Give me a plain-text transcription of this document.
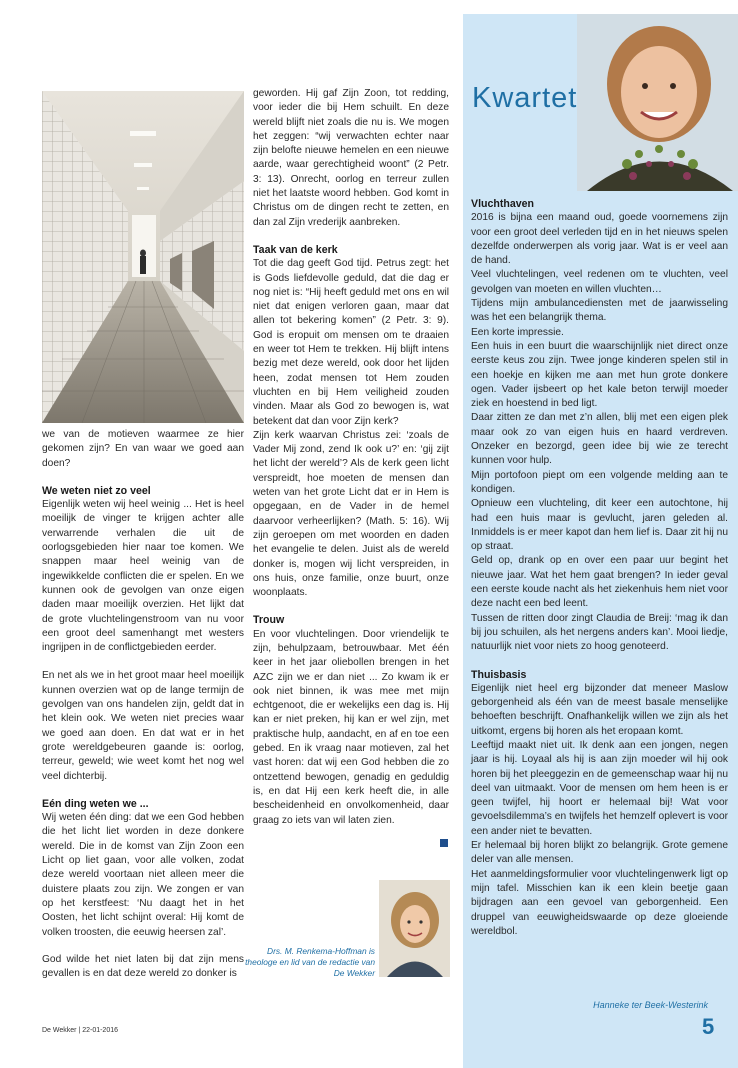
we van de motieven waarmee ze hier gekomen zijn? En van waar we goed aan doen?

We weten niet zo veel

Eigenlijk weten wij heel weinig ... Het is heel moeilijk de vinger te krijgen achter alle verwarrende verhalen die uit de oorlogsgebieden hier naar toe komen. We snappen maar heel weinig van de ingewikkelde conflicten die er spelen. En we kunnen ook de gevolgen van onze eigen daden maar moeilijk overzien. Het lijkt dat de grote vluchtelingenstroom van nu voor een groot deel samenhangt met westers ingrijpen in de conflictgebieden eerder.

En net als we in het groot maar heel moeilijk kunnen overzien wat op de lange termijn de gevolgen van ons handelen zijn, geldt dat in het klein ook. We weten niet precies waar we goed aan doen. En dat wat er in het grote wereldgebeuren gaande is: oorlog, terreur, geweld; wie weet komt het nog wel veel dichterbij.

Eén ding weten we ...

Wij weten één ding: dat we een God hebben die het licht liet worden in deze donkere wereld. Die in de komst van Zijn Zoon een Licht op liet gaan, voor alle volken, zodat deze wereld voortaan niet alleen meer die duistere plaats zou zijn. We zongen er van op het kerstfeest: ‘Nu daagt het in het Oosten, het licht schijnt overal: Hij komt de volken troosten, die eeuwig heersen zal’.

God wilde het niet laten bij dat zijn mens gevallen is en dat deze wereld zo donker is

geworden. Hij gaf Zijn Zoon, tot redding, voor ieder die bij Hem schuilt. En deze wereld blijft niet zoals die nu is. We mogen het zeggen: “wij verwachten echter naar zijn belofte nieuwe hemelen en een nieuwe aarde, waar gerechtigheid woont” (2 Petr. 3: 13). Onrecht, oorlog en terreur zullen niet het laatste woord hebben. God komt in Christus om de dingen recht te zetten, en dan zal Zijn vrederijk aanbreken.

Taak van de kerk

Tot die dag geeft God tijd. Petrus zegt: het is Gods liefdevolle geduld, dat die dag er nog niet is: “Hij heeft geduld met ons en wil niet dat enigen verloren gaan, maar dat allen tot bekering komen” (2 Petr. 3: 9). God is eropuit om mensen om te draaien en weer tot Hem te trekken. Hij blijft intens bezig met deze wereld, ook door het lijden heen, zodat mensen tot Hem zouden vluchten en bij Hem veiligheid zouden vinden. Maar als God zo bewogen is, wat betekent dat dan voor Zijn kerk?

Zijn kerk waarvan Christus zei: ‘zoals de Vader Mij zond, zend Ik ook u?’ en: ‘gij zijt het licht der wereld’? Als de kerk geen licht verspreidt, hoe moeten de mensen dan weten van het grote Licht dat er in Hem is opgegaan, en de Vader in de hemel daarvoor verheerlijken? (Math. 5: 16). Wij zijn geroepen om met woorden en daden het evangelie te delen. Juist als de wereld donker is, mogen wij licht verspreiden, in ons huis, onze familie, onze buurt, onze woonplaats.

Trouw

En voor vluchtelingen. Door vriendelijk te zijn, behulpzaam, betrouwbaar. Met één keer in het jaar oliebollen brengen in het AZC zijn we er dan niet ... Zo kwam ik er ook niet binnen, ik was mee met mijn echtgenoot, die er wekelijks een dag is. Hij kan er niet preken, hij kan er wel zijn, met praktische hulp, aandacht, en af en toe een gebed. En ik vraag naar motieven, zal het vast horen: dat wij een God hebben die zo ontzettend bewogen, genadig en geduldig is, en dat Hij een kerk heeft die, in alle bescheidenheid en onvolkomenheid, daar graag zo iets van wil laten zien.

Drs. M. Renkema-Hoffman is theologe en lid van de redactie van De Wekker
Kwartet
Vluchthaven

2016 is bijna een maand oud, goede voornemens zijn voor een groot deel verleden tijd en in het nieuws spelen dezelfde onderwerpen als vorig jaar. Wat is er veel aan de hand.

Veel vluchtelingen, veel redenen om te vluchten, veel gevolgen van moeten en willen vluchten…

Tijdens mijn ambulancediensten met de jaarwisseling was het een belangrijk thema.

Een korte impressie.

Een huis in een buurt die waarschijnlijk niet direct onze eerste keus zou zijn. Twee jonge kinderen spelen stil in een hoekje en kijken me aan met hun grote donkere ogen. Vader ijsbeert op het kale beton terwijl moeder ziek en hoestend in bed ligt.

Daar zitten ze dan met z’n allen, blij met een eigen plek maar ook zo van eigen huis en haard verdreven. Onzeker en bezorgd, geen idee bij wie ze terecht kunnen voor hulp.

Mijn portofoon piept om een volgende melding aan te kondigen.

Opnieuw een vluchteling, dit keer een autochtone, hij had een huis maar is gevlucht, jaren geleden al. Inmiddels is er meer kapot dan hem lief is. Daar zit hij nu op straat.

Geld op, drank op en over een paar uur begint het nieuwe jaar. Wat het hem gaat brengen? In ieder geval een eerste koude nacht als het ziekenhuis hem niet voor deze nacht een bed leent.

Tussen de ritten door zingt Claudia de Breij: ‘mag ik dan bij jou schuilen, als het nergens anders kan’. Mooi liedje, natuurlijk niet voor niets zo hoog genoteerd.

Thuisbasis

Eigenlijk niet heel erg bijzonder dat meneer Maslow geborgenheid als één van de meest basale menselijke behoeften beschrijft. Onafhankelijk willen we zijn als het uitkomt, ergens bij horen als het eropaan komt.

Leeftijd maakt niet uit. Ik denk aan een jongen, negen jaar is hij. Loyaal als hij is aan zijn moeder wil hij ook horen bij het pleeggezin en de gemeenschap waar hij nu deel van uitmaakt. Voor de mensen om hem heen is er geen twijfel, hij hoort er helemaal bij! Wat voor gevoelsdilemma’s en twijfels het hemzelf oplevert is voor een ander niet te bevatten.

Er helemaal bij horen blijkt zo belangrijk. Grote gemene deler van alle mensen.

Het aanmeldingsformulier voor vluchtelingenwerk ligt op mijn tafel. Misschien kan ik een klein beetje gaan bijdragen aan een gevoel van geborgenheid. Een druppel van eeuwigheidswaarde op deze gloeiende wereldbol.

Hanneke ter Beek-Westerink
De Wekker | 22-01-2016	5
